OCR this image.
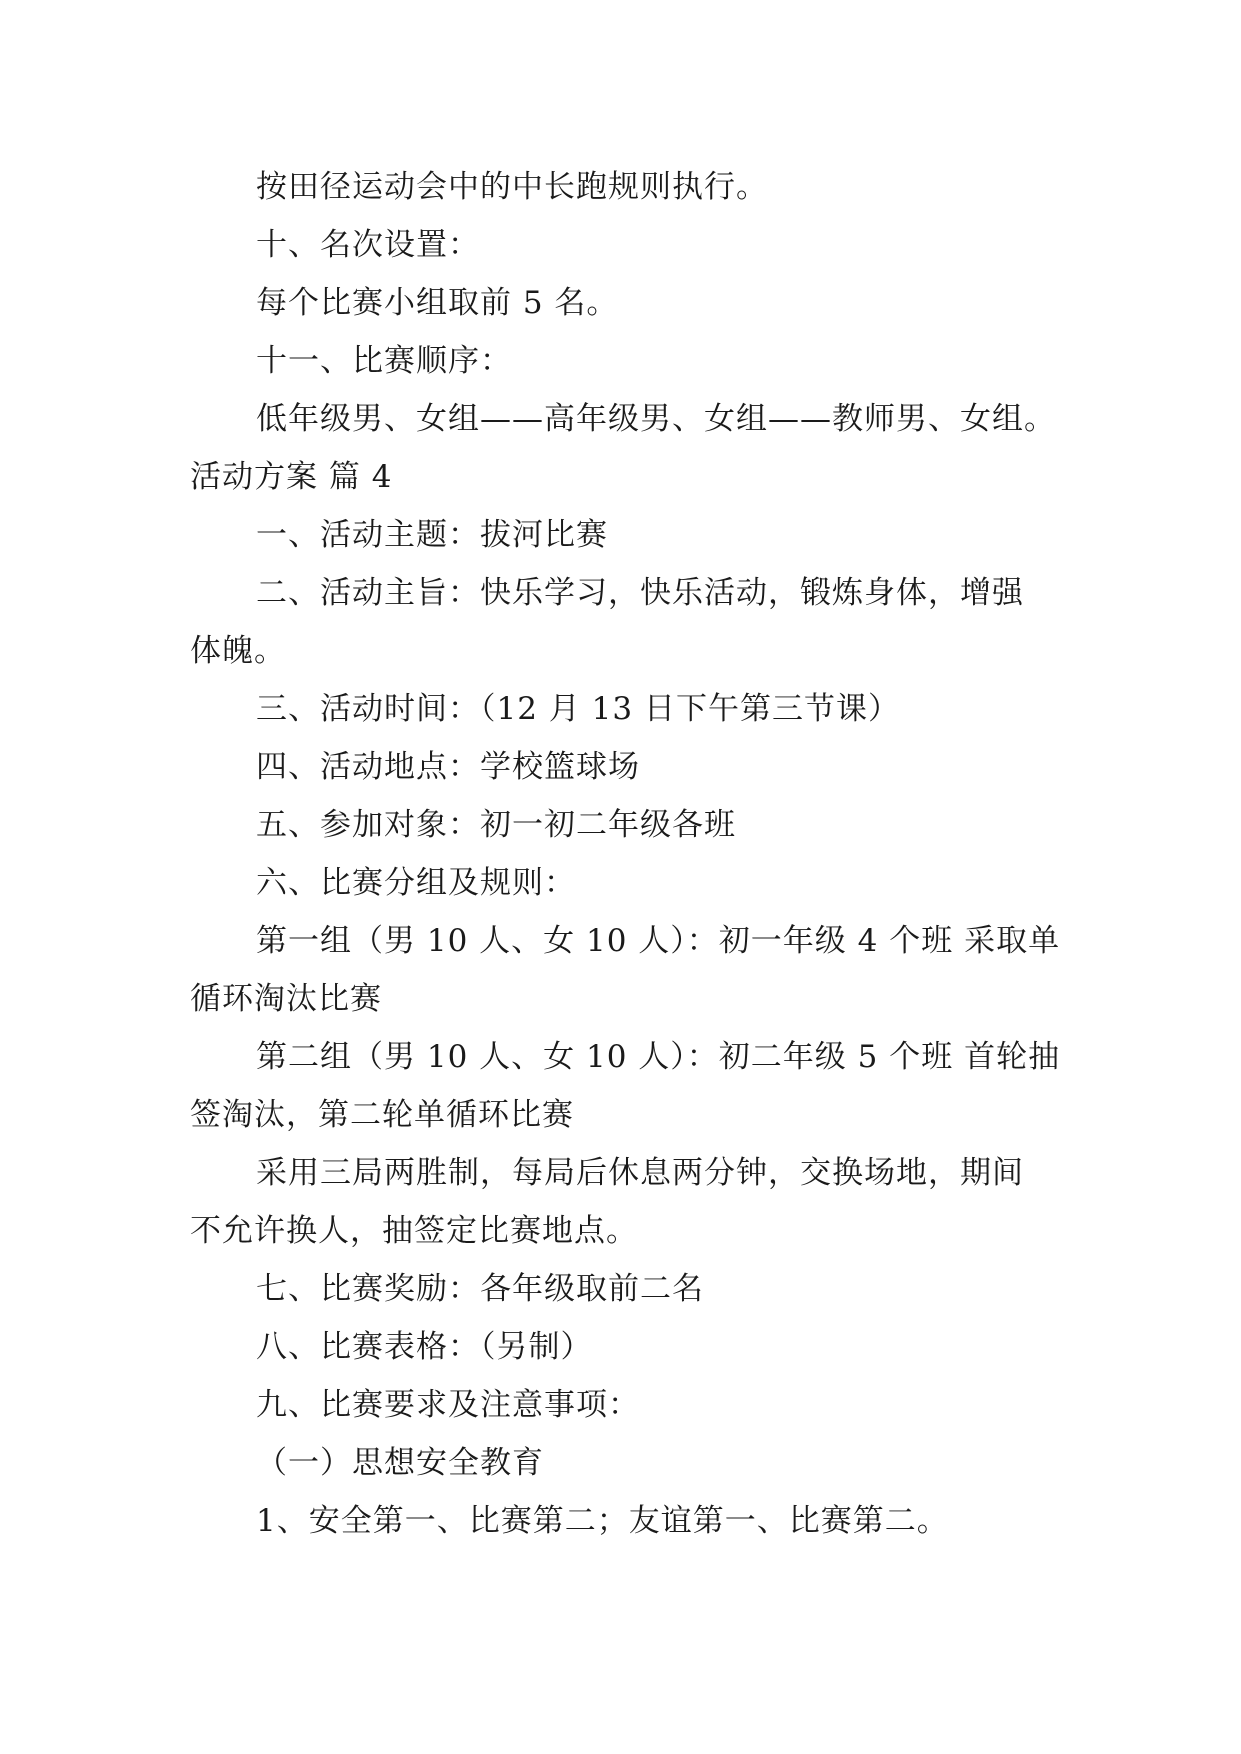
按田径运动会中的中长跑规则执行。
十、名次设置：
每个比赛小组取前 5 名。
十一、比赛顺序：
低年级男、女组——高年级男、女组——教师男、女组。
活动方案 篇 4
一、活动主题：拔河比赛
二、活动主旨：快乐学习，快乐活动，锻炼身体，增强
体魄。
三、活动时间：（12 月 13 日下午第三节课）
四、活动地点：学校篮球场
五、参加对象：初一初二年级各班
六、比赛分组及规则：
第一组（男 10 人、女 10 人）：初一年级 4 个班 采取单
循环淘汰比赛
第二组（男 10 人、女 10 人）：初二年级 5 个班 首轮抽
签淘汰，第二轮单循环比赛
采用三局两胜制，每局后休息两分钟，交换场地，期间
不允许换人，抽签定比赛地点。
七、比赛奖励：各年级取前二名
八、比赛表格：（另制）
九、比赛要求及注意事项：
（一）思想安全教育
1、安全第一、比赛第二；友谊第一、比赛第二。
